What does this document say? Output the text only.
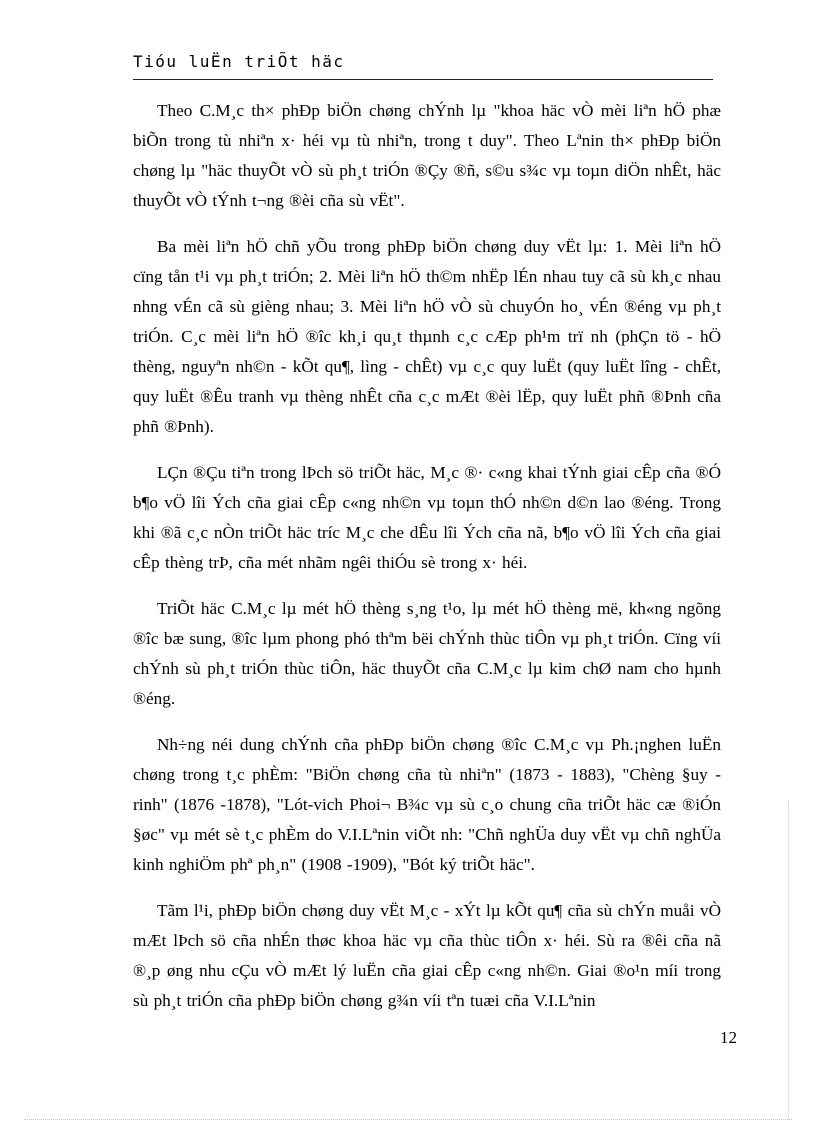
Tióu luËn triÕt häc

Theo C.M¸c th× phÐp biÖn chøng chÝnh lµ "khoa häc vÒ mèi liªn hÖ phæ biÕn trong tù nhiªn x· héi vµ tù nhiªn, trong t duy". Theo Lªnin th× phÐp biÖn chøng lµ "häc thuyÕt vÒ sù ph¸t triÓn ®Çy ®ñ, s©u s¾c vµ toµn diÖn nhÊt, häc thuyÕt vÒ tÝnh t¬ng ®èi cña sù vËt".

Ba mèi liªn hÖ chñ yÕu trong phÐp biÖn chøng duy vËt lµ: 1. Mèi liªn hÖ cïng tån t¹i vµ ph¸t triÓn; 2. Mèi liªn hÖ th©m nhËp lÉn nhau tuy cã sù kh¸c nhau nhng vÉn cã sù gièng nhau; 3. Mèi liªn hÖ vÒ sù chuyÓn ho¸ vÉn ®éng vµ ph¸t triÓn. C¸c mèi liªn hÖ ®îc kh¸i qu¸t thµnh c¸c cÆp ph¹m trï nh (phÇn tö - hÖ thèng, nguyªn nh©n - kÕt qu¶, lìng - chÊt) vµ c¸c quy luËt (quy luËt lîng - chÊt, quy luËt ®Êu tranh vµ thèng nhÊt cña c¸c mÆt ®èi lËp, quy luËt phñ ®Þnh cña phñ ®Þnh).

LÇn ®Çu tiªn trong lÞch sö triÕt häc, M¸c ®· c«ng khai tÝnh giai cÊp cña ®Ó b¶o vÖ lîi Ých cña giai cÊp c«ng nh©n vµ toµn thÓ nh©n d©n lao ®éng. Trong khi ®ã c¸c nÒn triÕt häc tríc M¸c che dÊu lîi Ých cña nã, b¶o vÖ lîi Ých cña giai cÊp thèng trÞ, cña mét nhãm ngêi thiÓu sè trong x· héi.

TriÕt häc C.M¸c lµ mét hÖ thèng s¸ng t¹o, lµ mét hÖ thèng më, kh«ng ngõng ®îc bæ sung, ®îc lµm phong phó thªm bëi chÝnh thùc tiÔn vµ ph¸t triÓn. Cïng víi chÝnh sù ph¸t triÓn thùc tiÔn, häc thuyÕt cña C.M¸c lµ kim chØ nam cho hµnh ®éng.

Nh÷ng néi dung chÝnh cña phÐp biÖn chøng ®îc C.M¸c vµ Ph.¡nghen luËn chøng trong t¸c phÈm: "BiÖn chøng cña tù nhiªn" (1873 - 1883), "Chèng §uy -rinh" (1876 -1878), "Lót-vich Phoi¬ B¾c vµ sù c¸o chung cña triÕt häc cæ ®iÓn §øc" vµ mét sè t¸c phÈm do V.I.Lªnin viÕt nh: "Chñ nghÜa duy vËt vµ chñ nghÜa kinh nghiÖm phª ph¸n" (1908 -1909), "Bót ký triÕt häc".

Tãm l¹i, phÐp biÖn chøng duy vËt M¸c - xÝt lµ kÕt qu¶ cña sù chÝn muåi vÒ mÆt lÞch sö cña nhÉn thøc khoa häc vµ cña thùc tiÔn x· héi. Sù ra ®êi cña nã ®¸p øng nhu cÇu vÒ mÆt lý luËn cña giai cÊp c«ng nh©n. Giai ®o¹n míi trong sù ph¸t triÓn cña phÐp biÖn chøng g¾n víi tªn tuæi cña V.I.Lªnin

12
